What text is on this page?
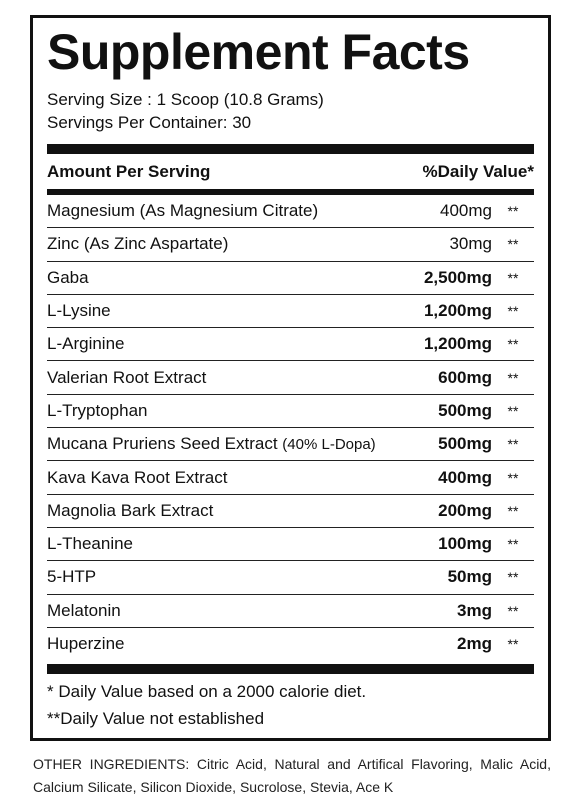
Supplement Facts
Serving Size : 1 Scoop (10.8 Grams)
Servings Per Container: 30
Amount Per Serving	%Daily Value*
Magnesium (As Magnesium Citrate)	400mg	**
Zinc (As Zinc Aspartate)	30mg	**
Gaba	2,500mg	**
L-Lysine	1,200mg	**
L-Arginine	1,200mg	**
Valerian Root Extract	600mg	**
L-Tryptophan	500mg	**
Mucana Pruriens Seed Extract (40% L-Dopa)	500mg	**
Kava Kava Root Extract	400mg	**
Magnolia Bark Extract	200mg	**
L-Theanine	100mg	**
5-HTP	50mg	**
Melatonin	3mg	**
Huperzine	2mg	**
* Daily Value based on a 2000 calorie diet.
**Daily Value not established
OTHER INGREDIENTS: Citric Acid, Natural and Artifical Flavoring, Malic Acid, Calcium Silicate, Silicon Dioxide, Sucrolose, Stevia, Ace K
